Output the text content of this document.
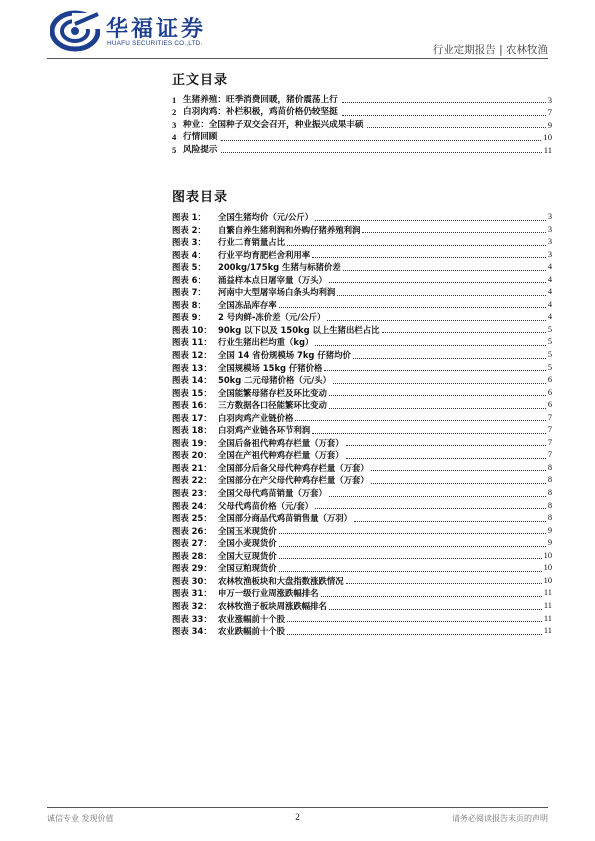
华福证券
HUAFU SECURITIES CO.,LTD.
行业定期报告 | 农林牧渔
正文目录
1 生猪养殖：旺季消费回暖，猪价震荡上行	3
2 白羽肉鸡：补栏积极，鸡苗价格仍较坚挺	7
3 种业：全国种子双交会召开，种业振兴成果丰硕	9
4 行情回顾	10
5 风险提示	11
图表目录
图表 1：	全国生猪均价（元/公斤）	3
图表 2：	自繁自养生猪利润和外购仔猪养殖利润	3
图表 3：	行业二育销量占比	3
图表 4：	行业平均育肥栏舍利用率	3
图表 5：	200kg/175kg 生猪与标猪价差	4
图表 6：	涌益样本点日屠宰量（万头）	4
图表 7：	河南中大型屠宰场白条头均利润	4
图表 8：	全国冻品库存率	4
图表 9：	2 号肉鲜-冻价差（元/公斤）	4
图表 10： 90kg 以下以及 150kg 以上生猪出栏占比	5
图表 11： 行业生猪出栏均重（kg）	5
图表 12： 全国 14 省份规模场 7kg 仔猪均价	5
图表 13： 全国规模场 15kg 仔猪价格	5
图表 14： 50kg 二元母猪价格（元/头）	6
图表 15： 全国能繁母猪存栏及环比变动	6
图表 16： 三方数据各口径能繁环比变动	6
图表 17： 白羽肉鸡产业链价格	7
图表 18： 白羽鸡产业链各环节利润	7
图表 19： 全国后备祖代种鸡存栏量（万套）	7
图表 20： 全国在产祖代种鸡存栏量（万套）	7
图表 21： 全国部分后备父母代种鸡存栏量（万套）	8
图表 22： 全国部分在产父母代种鸡存栏量（万套）	8
图表 23： 全国父母代鸡苗销量（万套）	8
图表 24： 父母代鸡苗价格（元/套）	8
图表 25： 全国部分商品代鸡苗销售量（万羽）	8
图表 26： 全国玉米现货价	9
图表 27： 全国小麦现货价	9
图表 28： 全国大豆现货价	10
图表 29： 全国豆粕现货价	10
图表 30： 农林牧渔板块和大盘指数涨跌情况	10
图表 31： 申万一级行业周涨跌幅排名	11
图表 32： 农林牧渔子板块周涨跌幅排名	11
图表 33： 农业涨幅前十个股	11
图表 34： 农业跌幅前十个股	11
诚信专业 发现价值	2	请务必阅读报告末页的声明
